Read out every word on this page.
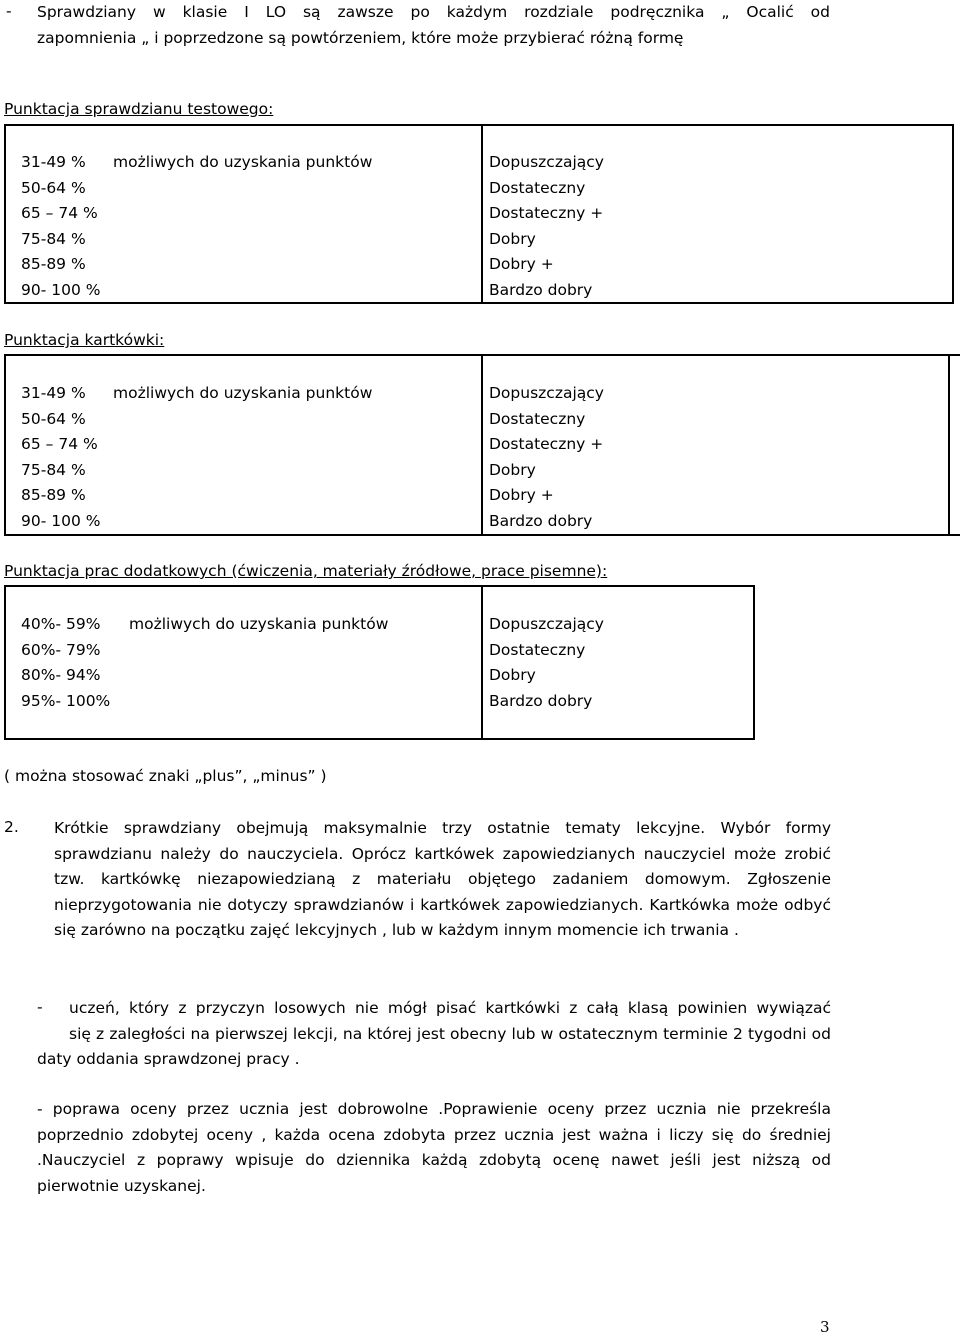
- Sprawdziany w klasie I LO są zawsze po każdym rozdziale podręcznika „ Ocalić od
zapomnienia „ i poprzedzone są powtórzeniem, które może przybierać różną formę
Punktacja sprawdzianu testowego:
31-49 % możliwych do uzyskania punktów
50-64 %
65 – 74 %
75-84 %
85-89 %
90- 100 %
Dopuszczający
Dostateczny
Dostateczny +
Dobry
Dobry +
Bardzo dobry
Punktacja kartkówki:
31-49 % możliwych do uzyskania punktów
50-64 %
65 – 74 %
75-84 %
85-89 %
90- 100 %
Dopuszczający
Dostateczny
Dostateczny +
Dobry
Dobry +
Bardzo dobry
Punktacja prac dodatkowych (ćwiczenia, materiały źródłowe, prace pisemne):
40%- 59% możliwych do uzyskania punktów
60%- 79%
80%- 94%
95%- 100%
Dopuszczający
Dostateczny
Dobry
Bardzo dobry
( można stosować znaki „plus”, „minus” )
2. Krótkie sprawdziany obejmują maksymalnie trzy ostatnie tematy lekcyjne. Wybór formy sprawdzianu należy do nauczyciela. Oprócz kartkówek zapowiedzianych nauczyciel może zrobić tzw. kartkówkę niezapowiedzianą z materiału objętego zadaniem domowym. Zgłoszenie nieprzygotowania nie dotyczy sprawdzianów i kartkówek zapowiedzianych. Kartkówka może odbyć się zarówno na początku zajęć lekcyjnych , lub w każdym innym momencie ich trwania .
- uczeń, który z przyczyn losowych nie mógł pisać kartkówki z całą klasą powinien wywiązać
się z zaległości na pierwszej lekcji, na której jest obecny lub w ostatecznym terminie 2 tygodni od daty oddania sprawdzonej pracy .
- poprawa oceny przez ucznia jest dobrowolne .Poprawienie oceny przez ucznia nie przekreśla poprzednio zdobytej oceny , każda ocena zdobyta przez ucznia jest ważna i liczy się do średniej .Nauczyciel z poprawy wpisuje do dziennika każdą zdobytą ocenę nawet jeśli jest niższą od pierwotnie uzyskanej.
3
